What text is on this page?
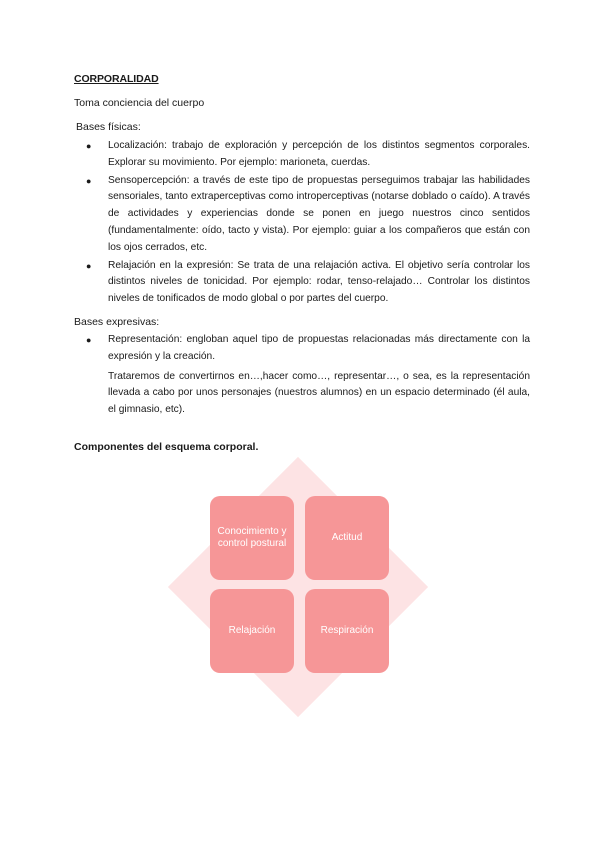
CORPORALIDAD
Toma conciencia del cuerpo
Bases físicas:
● Localización: trabajo de exploración y percepción de los distintos segmentos corporales. Explorar su movimiento. Por ejemplo: marioneta, cuerdas.

● Sensopercepción: a través de este tipo de propuestas perseguimos trabajar las habilidades sensoriales, tanto extraperceptivas como introperceptivas (notarse doblado o caído). A través de actividades y experiencias donde se ponen en juego nuestros cinco sentidos (fundamentalmente: oído, tacto y vista). Por ejemplo: guiar a los compañeros que están con los ojos cerrados, etc.

● Relajación en la expresión: Se trata de una relajación activa. El objetivo sería controlar los distintos niveles de tonicidad. Por ejemplo: rodar, tenso-relajado… Controlar los distintos niveles de tonificados de modo global o por partes del cuerpo.

Bases expresivas:
● Representación: engloban aquel tipo de propuestas relacionadas más directamente con la expresión y la creación.

Trataremos de convertirnos en…,hacer como…, representar…, o sea, es la representación llevada a cabo por unos personajes (nuestros alumnos) en un espacio determinado (él aula, el gimnasio, etc).

Componentes del esquema corporal.
Conocimiento y control postural
Actitud
Relajación	Respiración
